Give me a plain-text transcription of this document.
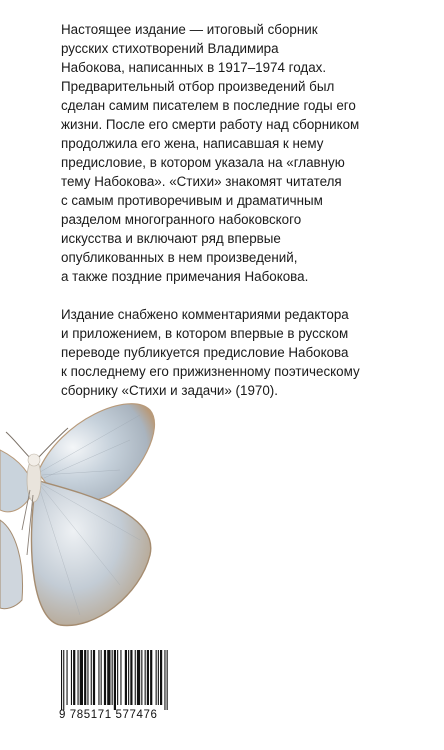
Настоящее издание — итоговый сборник
русских стихотворений Владимира
Набокова, написанных в 1917–1974 годах.
Предварительный отбор произведений был
сделан самим писателем в последние годы его
жизни. После его смерти работу над сборником
продолжила его жена, написавшая к нему
предисловие, в котором указала на «главную
тему Набокова». «Стихи» знакомят читателя
с самым противоречивым и драматичным
разделом многогранного набоковского
искусства и включают ряд впервые
опубликованных в нем произведений,
а также поздние примечания Набокова.

Издание снабжено комментариями редактора
и приложением, в котором впервые в русском
переводе публикуется предисловие Набокова
к последнему его прижизненному поэтическому
сборнику «Стихи и задачи» (1970).

9 785171 577476
